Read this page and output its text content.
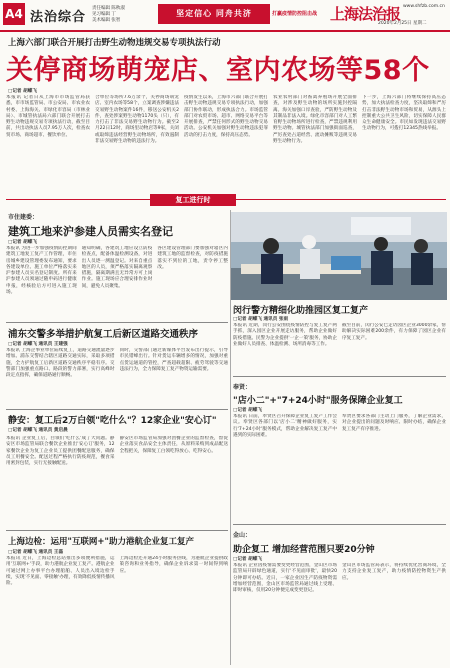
A4 法治综合
责任编辑 陈秋淑
见习编辑 丁
美术编辑 张智
坚定信心 同舟共济	打赢疫情防控阻击战 上海法治报 www.shfzb.com.cn
2020年2月25日 星期二
上海六部门联合开展打击野生动物违规交易专项执法行动
关停商场萌宠店、室内农场等58个
□记者 胡蝶飞
本报讯 记者日从上海市市场监管局获悉，市市场监管局、市公安局、市农业农村委、上海海关、市绿化市容局（市林业局）、市城管执法局六部门联合开展打击野生动物违规交易专项执法行动，截至目前，共出动执法人员7.95万人次，检查农贸市场、商场超市、餐饮单位、
合单位等场所7.6万余个，关停商场萌宠店、室内农场等58个，立案调查涉嫌违法交易野生动物案件16件，移送公安机关2件，查处涉案野生动物1170头（只），有力打击了非法交易野生动物行为。截至2月22日12时，商场里动物店等9家，关闭或取缔违法经营野生动物场所，有效遏制非法交易野生动物的违法行为。
疫情发生以来，上海市六部门联合开展打击野生动物违规交易专项执法行动，加强部门协作联动，形成执法合力。市场监管部门对农贸市场、超市、网络交易平台等开展排查，严禁任何形式的野生动物交易活动。公安机关加强对野生动物违法犯罪活动的打击力度，保持高压态势。
农业农村部门对畜禽养殖场开展全面排查，对涉及野生动物的场所实施封控隔离。海关加强口岸查验，严防野生动物及其制品非法入境。绿化市容部门对人工繁育野生动物场所进行检查，严禁违规利用野生动物。城管执法部门加强街面巡查，严厉查处占道经营、流动摊贩等违规交易野生动物行为。
下一步，上海六部门将继续保持高压态势，加大执法检查力度，坚决取缔和严厉打击非法野生动物市场和贸易，从源头上控制重大公共卫生风险，切实保障人民群众生命健康安全。市民如发现违法交易野生动物行为，可拨打12345热线举报。
复工进行时
市住建委：
建筑工地来沪参建人员需实名登记
□记者 胡蝶飞
本报讯 为进一步加强疫情防控期间建筑工地复工复产工作管理，市住房城乡建设管理委发布通知，要求各建设单位、施工单位严格落实来沪参建人员实名登记制度。所有来沪参建人员须通过随申码进行健康申报，经核验后方可进入施工现场。
通知明确，各建筑工地应设立防疫检查点，配备体温检测设备，对进出人员逐一测温登记。对来自重点地区的人员，须严格落实隔离观察措施，隔离期满且无异常方可上岗作业。施工现场应合理安排作业时间，避免人员聚集。
各区建设管理部门要加强对辖区内建筑工地的监督检查，对防疫措施落实不到位的工地，责令停工整改。
闵行警方精细化助推园区复工复产
□记者 胡蝶飞 通讯员 张雨
本报讯 近期，闵行公安围绕疫情防控与复工复产两手抓，深入园区企业开展走访服务，帮助企业做好防疫措施。民警为企业提供'一企一策'服务，协助企业做好人员排查、体温检测、场所消毒等工作。
截至目前，闵行公安已走访园区企业3000余家，帮助解决实际困难200余件，有力保障了园区企业有序复工复产。
浦东交警多举措护航复工后新区道路交通秩序
□记者 胡蝶飞 通讯员 王建强
本报讯 上海企事业单位陆续复工，道路交通流量逐步增加。浦东交警结合辖区道路交通实际，采取多项措施，全力护航复工后新区道路交通秩序平稳有序。交警部门加强重点路口、路段的警力部署，实行高峰时段定点指挥，确保道路通行顺畅。
同时，交警部门通过新媒体平台发布出行提示，引导市民错峰出行。针对货运车辆增多的情况，加强对重点货运通道的管控，严查超载超限、疲劳驾驶等交通违法行为，全力保障复工复产物资运输需要。
奉贤：
"店小二"+"7+24小时"服务保障企业复工
□记者 胡蝶飞
本报讯 日前，奉贤区召开保障企业复工复产工作会议。奉贤区各部门以'店小二'精神做好服务，实行'7+24小时'服务模式，帮助企业解决复工复产中遇到的实际困难。
奉贤区要求各部门主动上门服务，了解企业需求，对企业提出的问题及时响应、限时办结，确保企业复工复产有序推进。
静安：复工后2万白领"吃什么"？12家企业"安心订"
□记者 胡蝶飞 通讯员 黄启晨
本报讯 企业复工后，白领们'吃什么'成了大问题。静安区市场监管局联合餐饮企业推出'安心订'服务，12家餐饮企业为复工企业员工提供团餐配送服务，确保员工用餐安全。配送过程严格执行防疫规范，餐食采用密封包装，实行无接触配送。
静安区市场监管局加强对团餐企业的监督检查，督促企业落实食品安全主体责任，从原料采购到成品配送全程把关，保障复工白领吃得放心、吃得安心。
金山：
助企复工 增加经营范围只要20分钟
□记者 胡蝶飞
本报讯 企业因疫情需要变更经营范围，金山区市场监管局开辟绿色通道，实行'不见面审批'，最快20分钟即可办结。近日，一家企业因生产防疫物资需增加经营范围，金山区市场监管局通过线上受理、即时审核，仅用20分钟便完成变更登记。
金山区市场监管局表示，将持续优化营商环境，全力支持企业复工复产，助力疫情防控物资生产供应。
上海边检：运用"互联网+"助力港航企业复工复产
□记者 胡蝶飞 通讯员 王磊
本报讯 近日，上海边检总站推出多项便利措施，运用'互联网+'手段，助力港航企业复工复产。港航企业可通过网上办事平台办理船舶、人员出入境边检手续，实现'不见面、零接触'办理，有效降低疫情传播风险。
上海边检还开通24小时服务热线，为港航企业提供政策咨询和业务指导，确保企业诉求第一时间得到响应。
